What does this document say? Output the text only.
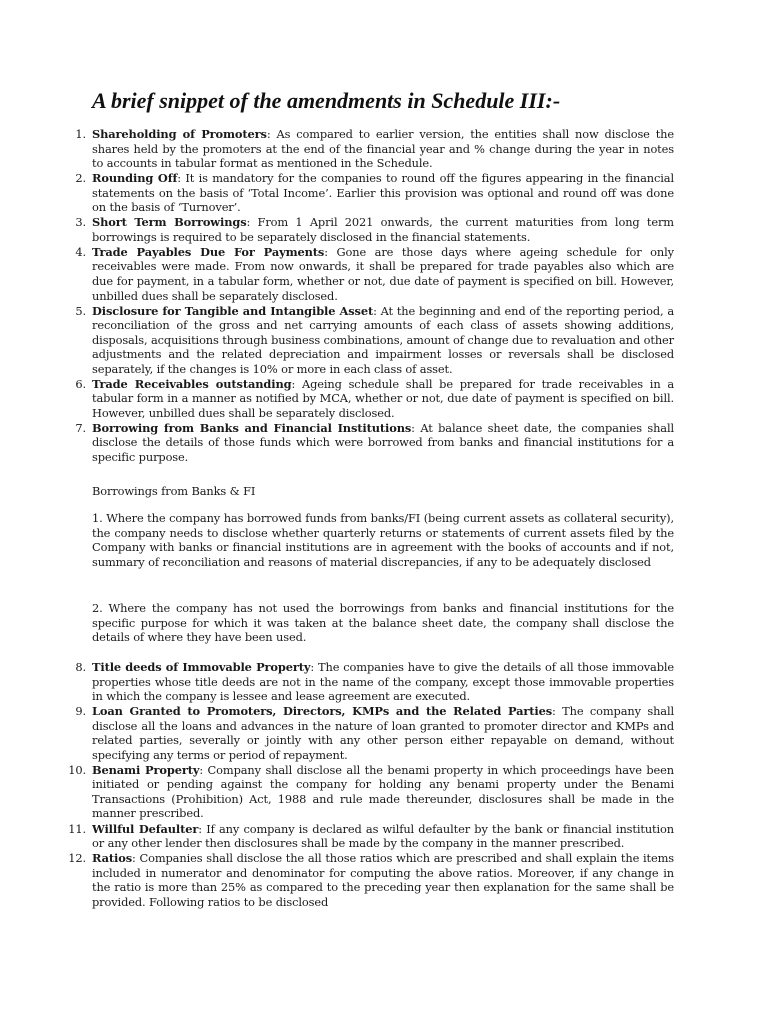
A brief snippet of the amendments in Schedule III:-
1. Shareholding of Promoters: As compared to earlier version, the entities shall now disclose the shares held by the promoters at the end of the financial year and % change during the year in notes to accounts in tabular format as mentioned in the Schedule.
2. Rounding Off: It is mandatory for the companies to round off the figures appearing in the financial statements on the basis of ‘Total Income’. Earlier this provision was optional and round off was done on the basis of ‘Turnover’.
3. Short Term Borrowings: From 1 April 2021 onwards, the current maturities from long term borrowings is required to be separately disclosed in the financial statements.
4. Trade Payables Due For Payments: Gone are those days where ageing schedule for only receivables were made. From now onwards, it shall be prepared for trade payables also which are due for payment, in a tabular form, whether or not, due date of payment is specified on bill. However, unbilled dues shall be separately disclosed.
5. Disclosure for Tangible and Intangible Asset: At the beginning and end of the reporting period, a reconciliation of the gross and net carrying amounts of each class of assets showing additions, disposals, acquisitions through business combinations, amount of change due to revaluation and other adjustments and the related depreciation and impairment losses or reversals shall be disclosed separately, if the changes is 10% or more in each class of asset.
6. Trade Receivables outstanding: Ageing schedule shall be prepared for trade receivables in a tabular form in a manner as notified by MCA, whether or not, due date of payment is specified on bill. However, unbilled dues shall be separately disclosed.
7. Borrowing from Banks and Financial Institutions: At balance sheet date, the companies shall disclose the details of those funds which were borrowed from banks and financial institutions for a specific purpose.

Borrowings from Banks & FI

1. Where the company has borrowed funds from banks/FI (being current assets as collateral security), the company needs to disclose whether quarterly returns or statements of current assets filed by the Company with banks or financial institutions are in agreement with the books of accounts and if not, summary of reconciliation and reasons of material discrepancies, if any to be adequately disclosed

2. Where the company has not used the borrowings from banks and financial institutions for the specific purpose for which it was taken at the balance sheet date, the company shall disclose the details of where they have been used.

8. Title deeds of Immovable Property: The companies have to give the details of all those immovable properties whose title deeds are not in the name of the company, except those immovable properties in which the company is lessee and lease agreement are executed.
9. Loan Granted to Promoters, Directors, KMPs and the Related Parties: The company shall disclose all the loans and advances in the nature of loan granted to promoter director and KMPs and related parties, severally or jointly with any other person either repayable on demand, without specifying any terms or period of repayment.
10. Benami Property: Company shall disclose all the benami property in which proceedings have been initiated or pending against the company for holding any benami property under the Benami Transactions (Prohibition) Act, 1988 and rule made thereunder, disclosures shall be made in the manner prescribed.
11. Willful Defaulter: If any company is declared as wilful defaulter by the bank or financial institution or any other lender then disclosures shall be made by the company in the manner prescribed.
12. Ratios: Companies shall disclose the all those ratios which are prescribed and shall explain the items included in numerator and denominator for computing the above ratios. Moreover, if any change in the ratio is more than 25% as compared to the preceding year then explanation for the same shall be provided. Following ratios to be disclosed
